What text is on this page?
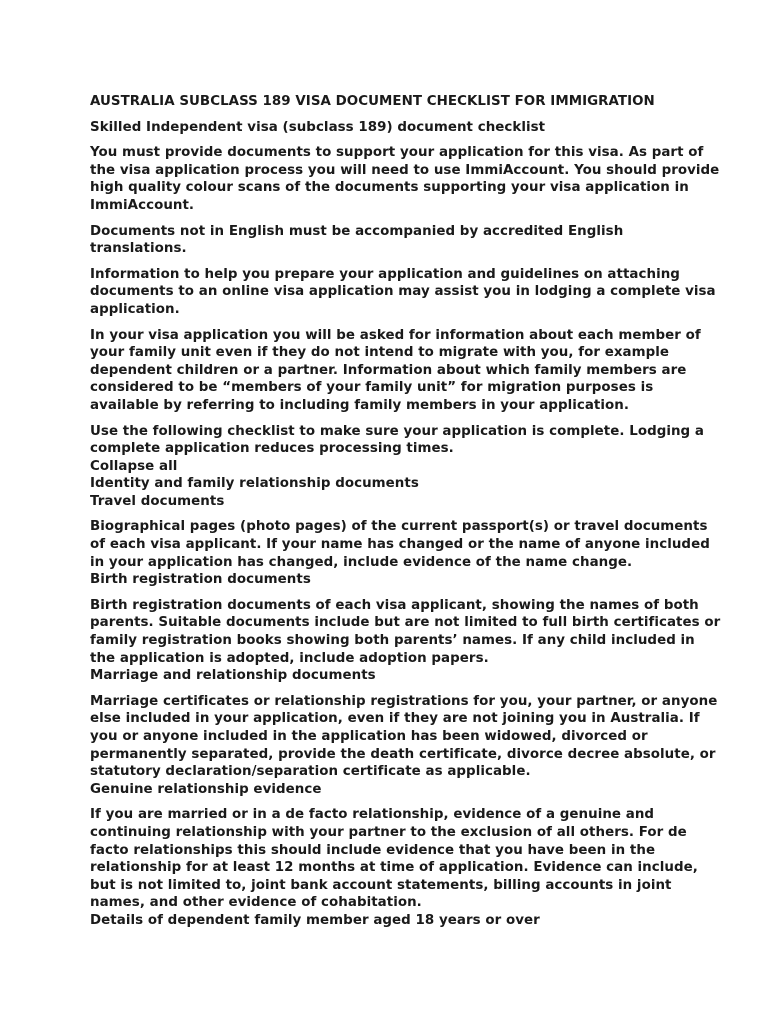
AUSTRALIA SUBCLASS 189 VISA DOCUMENT CHECKLIST FOR IMMIGRATION
Skilled Independent visa (subclass 189) document checklist
You must provide documents to support your application for this visa. As part of the visa application process you will need to use ImmiAccount. You should provide high quality colour scans of the documents supporting your visa application in ImmiAccount.
Documents not in English must be accompanied by accredited English translations.
Information to help you prepare your application and guidelines on attaching documents to an online visa application may assist you in lodging a complete visa application.
In your visa application you will be asked for information about each member of your family unit even if they do not intend to migrate with you, for example dependent children or a partner. Information about which family members are considered to be “members of your family unit” for migration purposes is available by referring to including family members in your application.
Use the following checklist to make sure your application is complete. Lodging a complete application reduces processing times.
Collapse all
Identity and family relationship documents
Travel documents
Biographical pages (photo pages) of the current passport(s) or travel documents of each visa applicant. If your name has changed or the name of anyone included in your application has changed, include evidence of the name change.
Birth registration documents
Birth registration documents of each visa applicant, showing the names of both parents. Suitable documents include but are not limited to full birth certificates or family registration books showing both parents’ names. If any child included in the application is adopted, include adoption papers.
Marriage and relationship documents
Marriage certificates or relationship registrations for you, your partner, or anyone else included in your application, even if they are not joining you in Australia. If you or anyone included in the application has been widowed, divorced or permanently separated, provide the death certificate, divorce decree absolute, or statutory declaration/separation certificate as applicable.
Genuine relationship evidence
If you are married or in a de facto relationship, evidence of a genuine and continuing relationship with your partner to the exclusion of all others. For de facto relationships this should include evidence that you have been in the relationship for at least 12 months at time of application. Evidence can include, but is not limited to, joint bank account statements, billing accounts in joint names, and other evidence of cohabitation.
Details of dependent family member aged 18 years or over
